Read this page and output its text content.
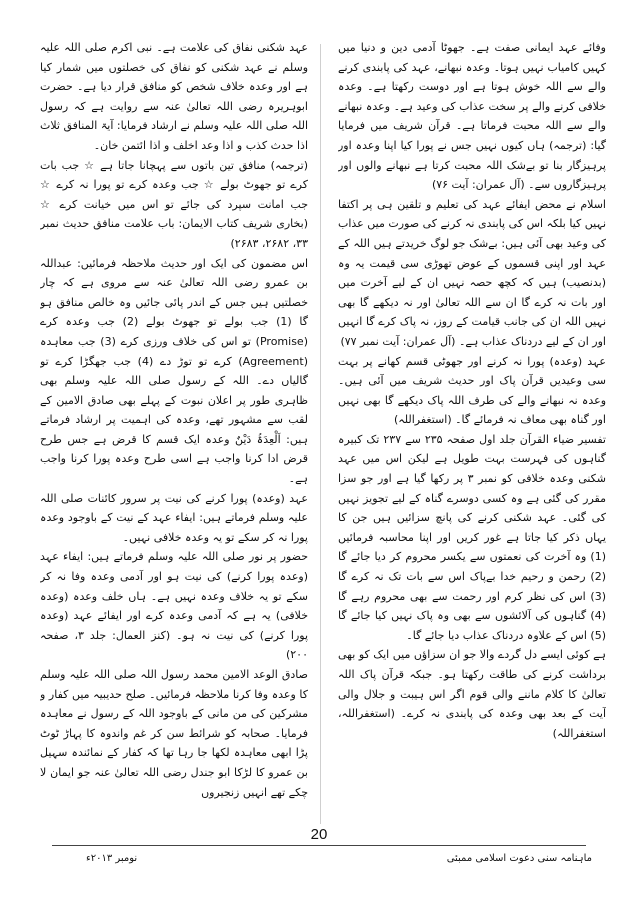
وفائے عہد ایمانی صفت ہے۔ جھوٹا آدمی دین و دنیا میں کہیں کامیاب نہیں ہوتا۔ وعدہ نبھانے، عہد کی پابندی کرنے والے سے اللہ خوش ہوتا ہے اور دوست رکھتا ہے۔ وعدہ خلافی کرنے والے پر سخت عذاب کی وعید ہے۔ وعدہ نبھانے والے سے اللہ محبت فرماتا ہے۔ قرآن شریف میں فرمایا گیا: (ترجمہ) ہاں کیوں نہیں جس نے پورا کیا اپنا وعدہ اور پرہیزگار بنا تو بےشک اللہ محبت کرتا ہے نبھانے والوں اور پرہیزگاروں سے۔ (آل عمران: آیت ۷۶)

اسلام نے محض ایفائے عہد کی تعلیم و تلقین ہی پر اکتفا نہیں کیا بلکہ اس کی پابندی نہ کرنے کی صورت میں عذاب کی وعید بھی آئی ہیں: بےشک جو لوگ خریدتے ہیں اللہ کے عہد اور اپنی قسموں کے عوض تھوڑی سی قیمت یہ وہ (بدنصیب) ہیں کہ کچھ حصہ نہیں ان کے لیے آخرت میں اور بات نہ کرے گا ان سے اللہ تعالیٰ اور نہ دیکھے گا بھی نہیں اللہ ان کی جانب قیامت کے روز، نہ پاک کرے گا انہیں اور ان کے لیے دردناک عذاب ہے۔ (آل عمران: آیت نمبر ۷۷)

عہد (وعدہ) پورا نہ کرنے اور جھوٹی قسم کھانے پر بہت سی وعیدیں قرآن پاک اور حدیث شریف میں آئی ہیں۔ وعدہ نہ نبھانے والے کی طرف اللہ پاک دیکھے گا بھی نہیں اور گناہ بھی معاف نہ فرمائے گا۔ (استغفراللہ)

تفسیر ضیاء القرآن جلد اول صفحہ ۲۳۵ سے ۲۳۷ تک کبیرہ گناہوں کی فہرست بہت طویل ہے لیکن اس میں عہد شکنی وعدہ خلافی کو نمبر ۳ پر رکھا گیا ہے اور جو سزا مقرر کی گئی ہے وہ کسی دوسرے گناہ کے لیے تجویز نہیں کی گئی۔ عہد شکنی کرنے کی پانچ سزائیں ہیں جن کا یہاں ذکر کیا جاتا ہے غور کریں اور اپنا محاسبہ فرمائیں (1) وہ آخرت کی نعمتوں سے یکسر محروم کر دیا جائے گا (2) رحمن و رحیم خدا بےپاک اس سے بات تک نہ کرے گا (3) اس کی نظر کرم اور رحمت سے بھی محروم رہے گا (4) گناہوں کی آلائشوں سے بھی وہ پاک نہیں کیا جائے گا (5) اس کے علاوہ دردناک عذاب دیا جائے گا۔

ہے کوئی ایسے دل گردے والا جو ان سزاؤں میں ایک کو بھی برداشت کرنے کی طاقت رکھتا ہو۔ جبکہ قرآن پاک اللہ تعالیٰ کا کلام ماننے والی قوم اگر اس ہیبت و جلال والی آیت کے بعد بھی وعدہ کی پابندی نہ کرے۔ (استغفراللہ، استغفراللہ)

عہد شکنی نفاق کی علامت ہے۔ نبی اکرم صلی اللہ علیہ وسلم نے عہد شکنی کو نفاق کی خصلتوں میں شمار کیا ہے اور وعدہ خلاف شخص کو منافق قرار دیا ہے۔ حضرت ابوہریرہ رضی اللہ تعالیٰ عنہ سے روایت ہے کہ رسول اللہ صلی اللہ علیہ وسلم نے ارشاد فرمایا: آیۃ المنافق ثلاث اذا حدث کذب و اذا وعد اخلف و اذا ائتمن خان۔

(ترجمہ) منافق تین باتوں سے پہچانا جاتا ہے ☆ جب بات کرے تو جھوٹ بولے ☆ جب وعدہ کرے تو پورا نہ کرے ☆ جب امانت سپرد کی جائے تو اس میں خیانت کرے ☆ (بخاری شریف کتاب الایمان: باب علامت منافق حدیث نمبر ۳۳، ۲۶۸۲، ۲۶۸۳)

اس مضمون کی ایک اور حدیث ملاحظہ فرمائیں: عبداللہ بن عمرو رضی اللہ تعالیٰ عنہ سے مروی ہے کہ چار خصلتیں ہیں جس کے اندر پائی جائیں وہ خالص منافق ہو گا (1) جب بولے تو جھوٹ بولے (2) جب وعدہ کرے (Promise) تو اس کی خلاف ورزی کرے (3) جب معاہدہ (Agreement) کرے تو توڑ دے (4) جب جھگڑا کرے تو گالیاں دے۔ اللہ کے رسول صلی اللہ علیہ وسلم بھی ظاہری طور پر اعلان نبوت کے پہلے بھی صادق الامین کے لقب سے مشہور تھے، وعدہ کی اہمیت پر ارشاد فرماتے ہیں: اَلْعِدَۃُ دَیْنٌ وعدہ ایک قسم کا قرض ہے جس طرح قرض ادا کرنا واجب ہے اسی طرح وعدہ پورا کرنا واجب ہے۔

عہد (وعدہ) پورا کرنے کی نیت پر سرور کائنات صلی اللہ علیہ وسلم فرماتے ہیں: ایفاء عہد کے نیت کے باوجود وعدہ پورا نہ کر سکے تو یہ وعدہ خلافی نہیں۔

حضور پر نور صلی اللہ علیہ وسلم فرماتے ہیں: ایفاء عہد (وعدہ پورا کرنے) کی نیت ہو اور آدمی وعدہ وفا نہ کر سکے تو یہ خلاف وعدہ نہیں ہے۔ ہاں خلف وعدہ (وعدہ خلافی) یہ ہے کہ آدمی وعدہ کرے اور ایفائے عہد (وعدہ پورا کرنے) کی نیت نہ ہو۔ (کنز العمال: جلد ۳، صفحہ ۲۰۰)

صادق الوعد الامین محمد رسول اللہ صلی اللہ علیہ وسلم کا وعدہ وفا کرنا ملاحظہ فرمائیں۔ صلح حدیبیہ میں کفار و مشرکین کی من مانی کے باوجود اللہ کے رسول نے معاہدہ فرمایا۔ صحابہ کو شرائط سن کر غم واندوہ کا پہاڑ ٹوٹ پڑا ابھی معاہدہ لکھا جا رہا تھا کہ کفار کے نمائندہ سہیل بن عمرو کا لڑکا ابو جندل رضی اللہ تعالیٰ عنہ جو ایمان لا چکے تھے انہیں زنجیروں

20
ماہنامہ سنی دعوت اسلامی ممبئی
نومبر ۲۰۱۳ء
